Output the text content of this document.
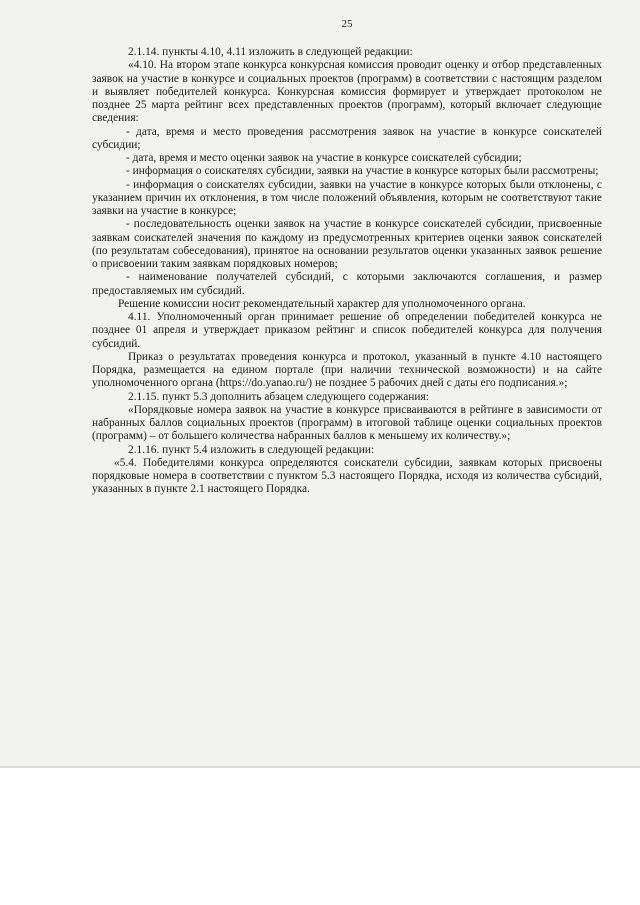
25

2.1.14. пункты 4.10, 4.11 изложить в следующей редакции:

«4.10. На втором этапе конкурса конкурсная комиссия проводит оценку и отбор представленных заявок на участие в конкурсе и социальных проектов (программ) в соответствии с настоящим разделом и выявляет победителей конкурса. Конкурсная комиссия формирует и утверждает протоколом не позднее 25 марта рейтинг всех представленных проектов (программ), который включает следующие сведения:

- дата, время и место проведения рассмотрения заявок на участие в конкурсе соискателей субсидии;

- дата, время и место оценки заявок на участие в конкурсе соискателей субсидии;

- информация о соискателях субсидии, заявки на участие в конкурсе которых были рассмотрены;

- информация о соискателях субсидии, заявки на участие в конкурсе которых были отклонены, с указанием причин их отклонения, в том числе положений объявления, которым не соответствуют такие заявки на участие в конкурсе;

- последовательность оценки заявок на участие в конкурсе соискателей субсидии, присвоенные заявкам соискателей значения по каждому из предусмотренных критериев оценки заявок соискателей (по результатам собеседования), принятое на основании результатов оценки указанных заявок решение о присвоении таким заявкам порядковых номеров;

- наименование получателей субсидий, с которыми заключаются соглашения, и размер предоставляемых им субсидий.

Решение комиссии носит рекомендательный характер для уполномоченного органа.

4.11. Уполномоченный орган принимает решение об определении победителей конкурса не позднее 01 апреля и утверждает приказом рейтинг и список победителей конкурса для получения субсидий.

Приказ о результатах проведения конкурса и протокол, указанный в пункте 4.10 настоящего Порядка, размещается на едином портале (при наличии технической возможности) и на сайте уполномоченного органа (https://do.yanao.ru/) не позднее 5 рабочих дней с даты его подписания.»;

2.1.15. пункт 5.3 дополнить абзацем следующего содержания:

«Порядковые номера заявок на участие в конкурсе присваиваются в рейтинге в зависимости от набранных баллов социальных проектов (программ) в итоговой таблице оценки социальных проектов (программ) – от большего количества набранных баллов к меньшему их количеству.»;

2.1.16. пункт 5.4 изложить в следующей редакции:

«5.4. Победителями конкурса определяются соискатели субсидии, заявкам которых присвоены порядковые номера в соответствии с пунктом 5.3 настоящего Порядка, исходя из количества субсидий, указанных в пункте 2.1 настоящего Порядка.
